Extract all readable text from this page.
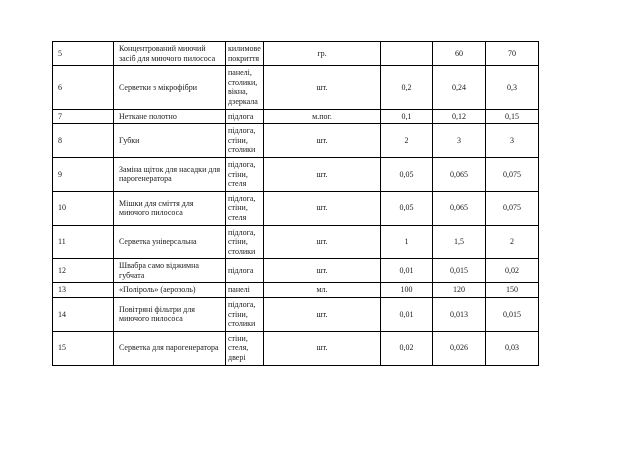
5	Концентрований миючий засіб для миючого пилососа	килимове покриття	гр.		60	70
6	Серветки з мікрофібри	панелі, столики, вікна, дзеркала	шт.	0,2	0,24	0,3
7	Неткане полотно	підлога	м.пог.	0,1	0,12	0,15
8	Губки	підлога, стіни, столики	шт.	2	3	3
9	Заміна щіток для насадки для парогенератора	підлога, стіни, стеля	шт.	0,05	0,065	0,075
10	Мішки для сміття для миючого пилососа	підлога, стіни, стеля	шт.	0,05	0,065	0,075
11	Серветка універсальна	підлога, стіни, столики	шт.	1	1,5	2
12	Швабра само віджимна губчата	підлога	шт.	0,01	0,015	0,02
13	«Поліроль» (аерозоль)	панелі	мл.	100	120	150
14	Повітряні фільтри для миючого пилососа	підлога, стіни, столики	шт.	0,01	0,013	0,015
15	Серветка для парогенератора	стіни, стеля, двері	шт.	0,02	0,026	0,03
